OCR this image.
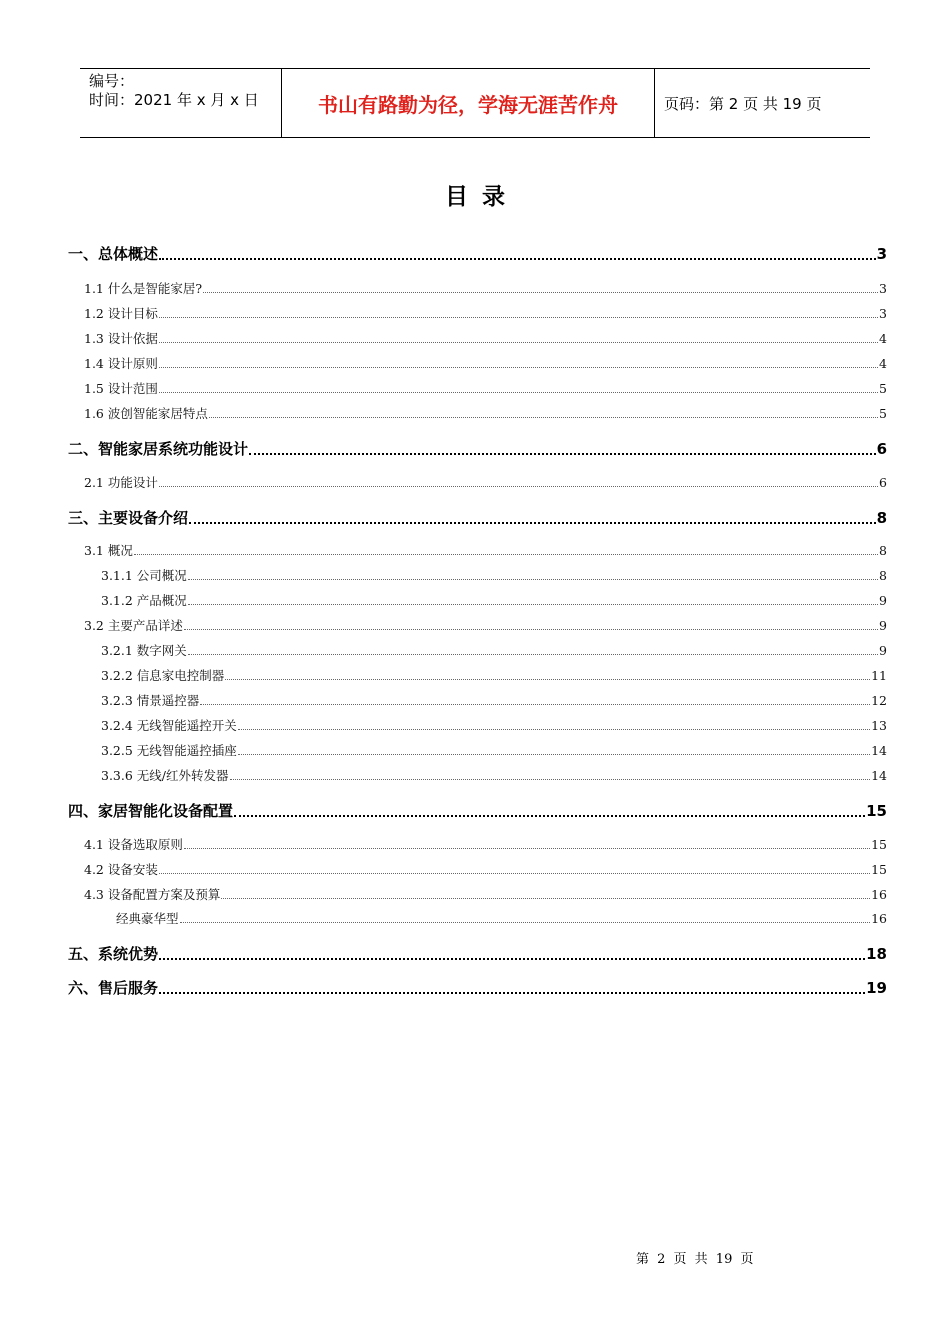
编号：
时间：2021 年 x 月 x 日	书山有路勤为径，学海无涯苦作舟	页码：第 2 页 共 19 页
目录
一、总体概述	3
1.1 什么是智能家居?	3
1.2 设计目标	3
1.3 设计依据	4
1.4 设计原则	4
1.5 设计范围	5
1.6 波创智能家居特点	5
二、智能家居系统功能设计	6
2.1 功能设计	6
三、主要设备介绍	8
3.1 概况	8
3.1.1 公司概况	8
3.1.2 产品概况	9
3.2 主要产品详述	9
3.2.1 数字网关	9
3.2.2 信息家电控制器	11
3.2.3 情景遥控器	12
3.2.4 无线智能遥控开关	13
3.2.5 无线智能遥控插座	14
3.3.6 无线/红外转发器	14
四、家居智能化设备配置	15
4.1 设备选取原则	15
4.2 设备安装	15
4.3 设备配置方案及预算	16
经典豪华型	16
五、系统优势	18
六、售后服务	19
第 2 页 共 19 页
